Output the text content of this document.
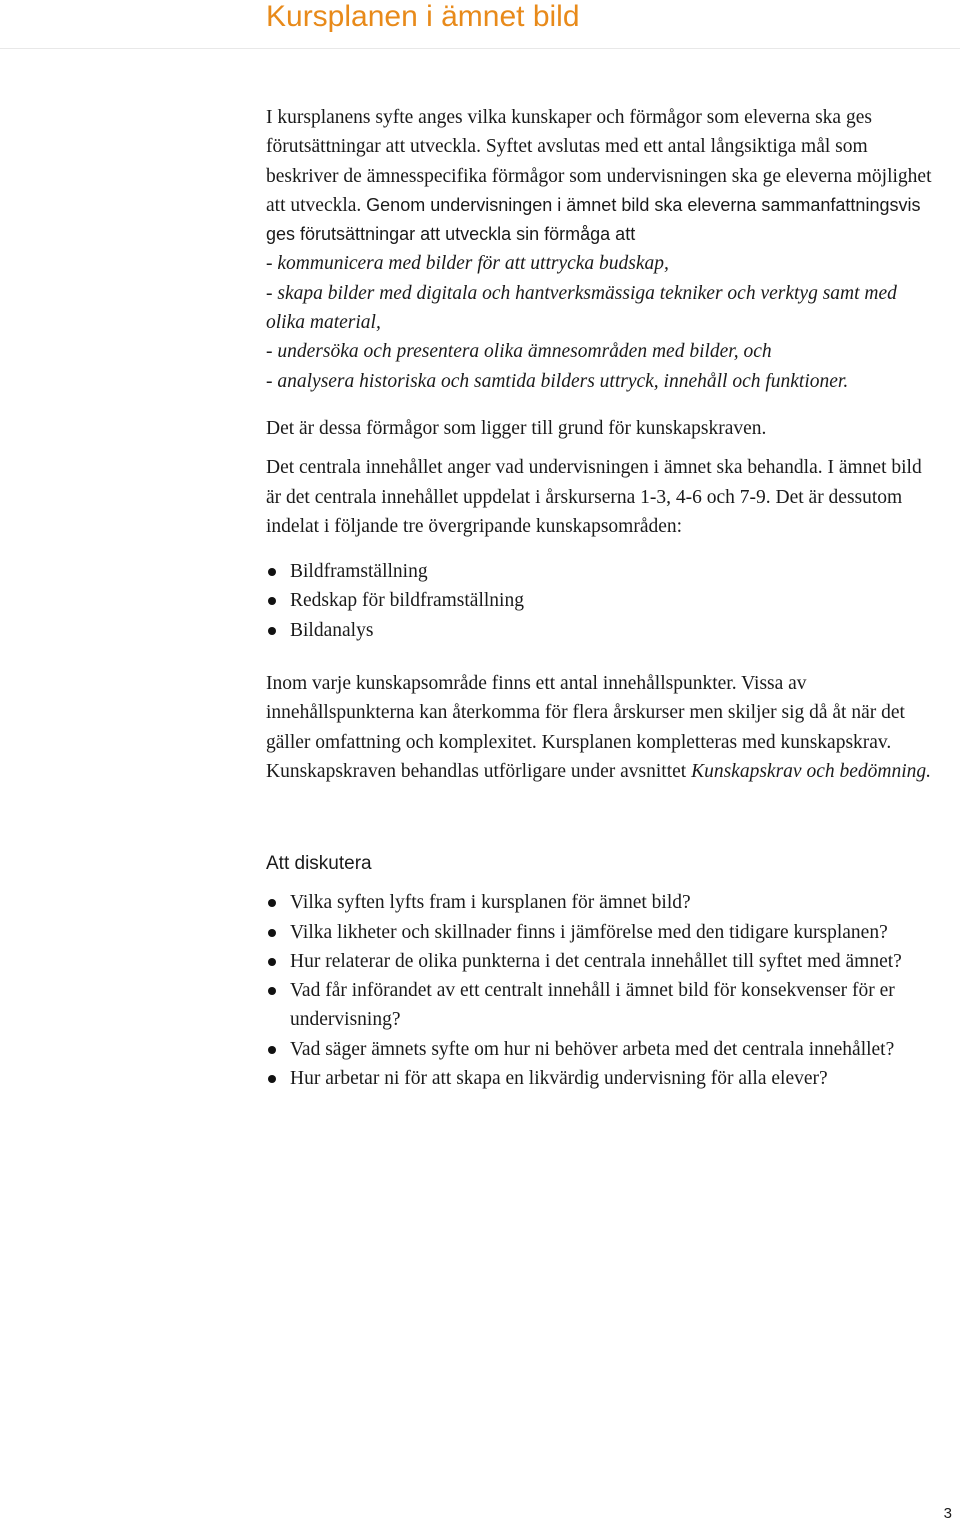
Kursplanen i ämnet bild

I kursplanens syfte anges vilka kunskaper och förmågor som eleverna ska ges förutsättningar att utveckla. Syftet avslutas med ett antal långsiktiga mål som beskriver de ämnesspecifika förmågor som undervisningen ska ge eleverna möjlighet att utveckla. Genom undervisningen i ämnet bild ska eleverna sammanfattningsvis ges förutsättningar att utveckla sin förmåga att

- kommunicera med bilder för att uttrycka budskap,
- skapa bilder med digitala och hantverksmässiga tekniker och verktyg samt med olika material,
- undersöka och presentera olika ämnesområden med bilder, och
- analysera historiska och samtida bilders uttryck, innehåll och funktioner.

Det är dessa förmågor som ligger till grund för kunskapskraven.

Det centrala innehållet anger vad undervisningen i ämnet ska behandla. I ämnet bild är det centrala innehållet uppdelat i årskurserna 1-3, 4-6 och 7-9. Det är dessutom indelat i följande tre övergripande kunskapsområden:

Bildframställning
Redskap för bildframställning
Bildanalys

Inom varje kunskapsområde finns ett antal innehållspunkter. Vissa av innehållspunkterna kan återkomma för flera årskurser men skiljer sig då åt när det gäller omfattning och komplexitet. Kursplanen kompletteras med kunskapskrav. Kunskapskraven behandlas utförligare under avsnittet Kunskapskrav och bedömning.

Att diskutera
Vilka syften lyfts fram i kursplanen för ämnet bild?
Vilka likheter och skillnader finns i jämförelse med den tidigare kursplanen?
Hur relaterar de olika punkterna i det centrala innehållet till syftet med ämnet?
Vad får införandet av ett centralt innehåll i ämnet bild för konsekvenser för er undervisning?
Vad säger ämnets syfte om hur ni behöver arbeta med det centrala innehållet?
Hur arbetar ni för att skapa en likvärdig undervisning för alla elever?
3
